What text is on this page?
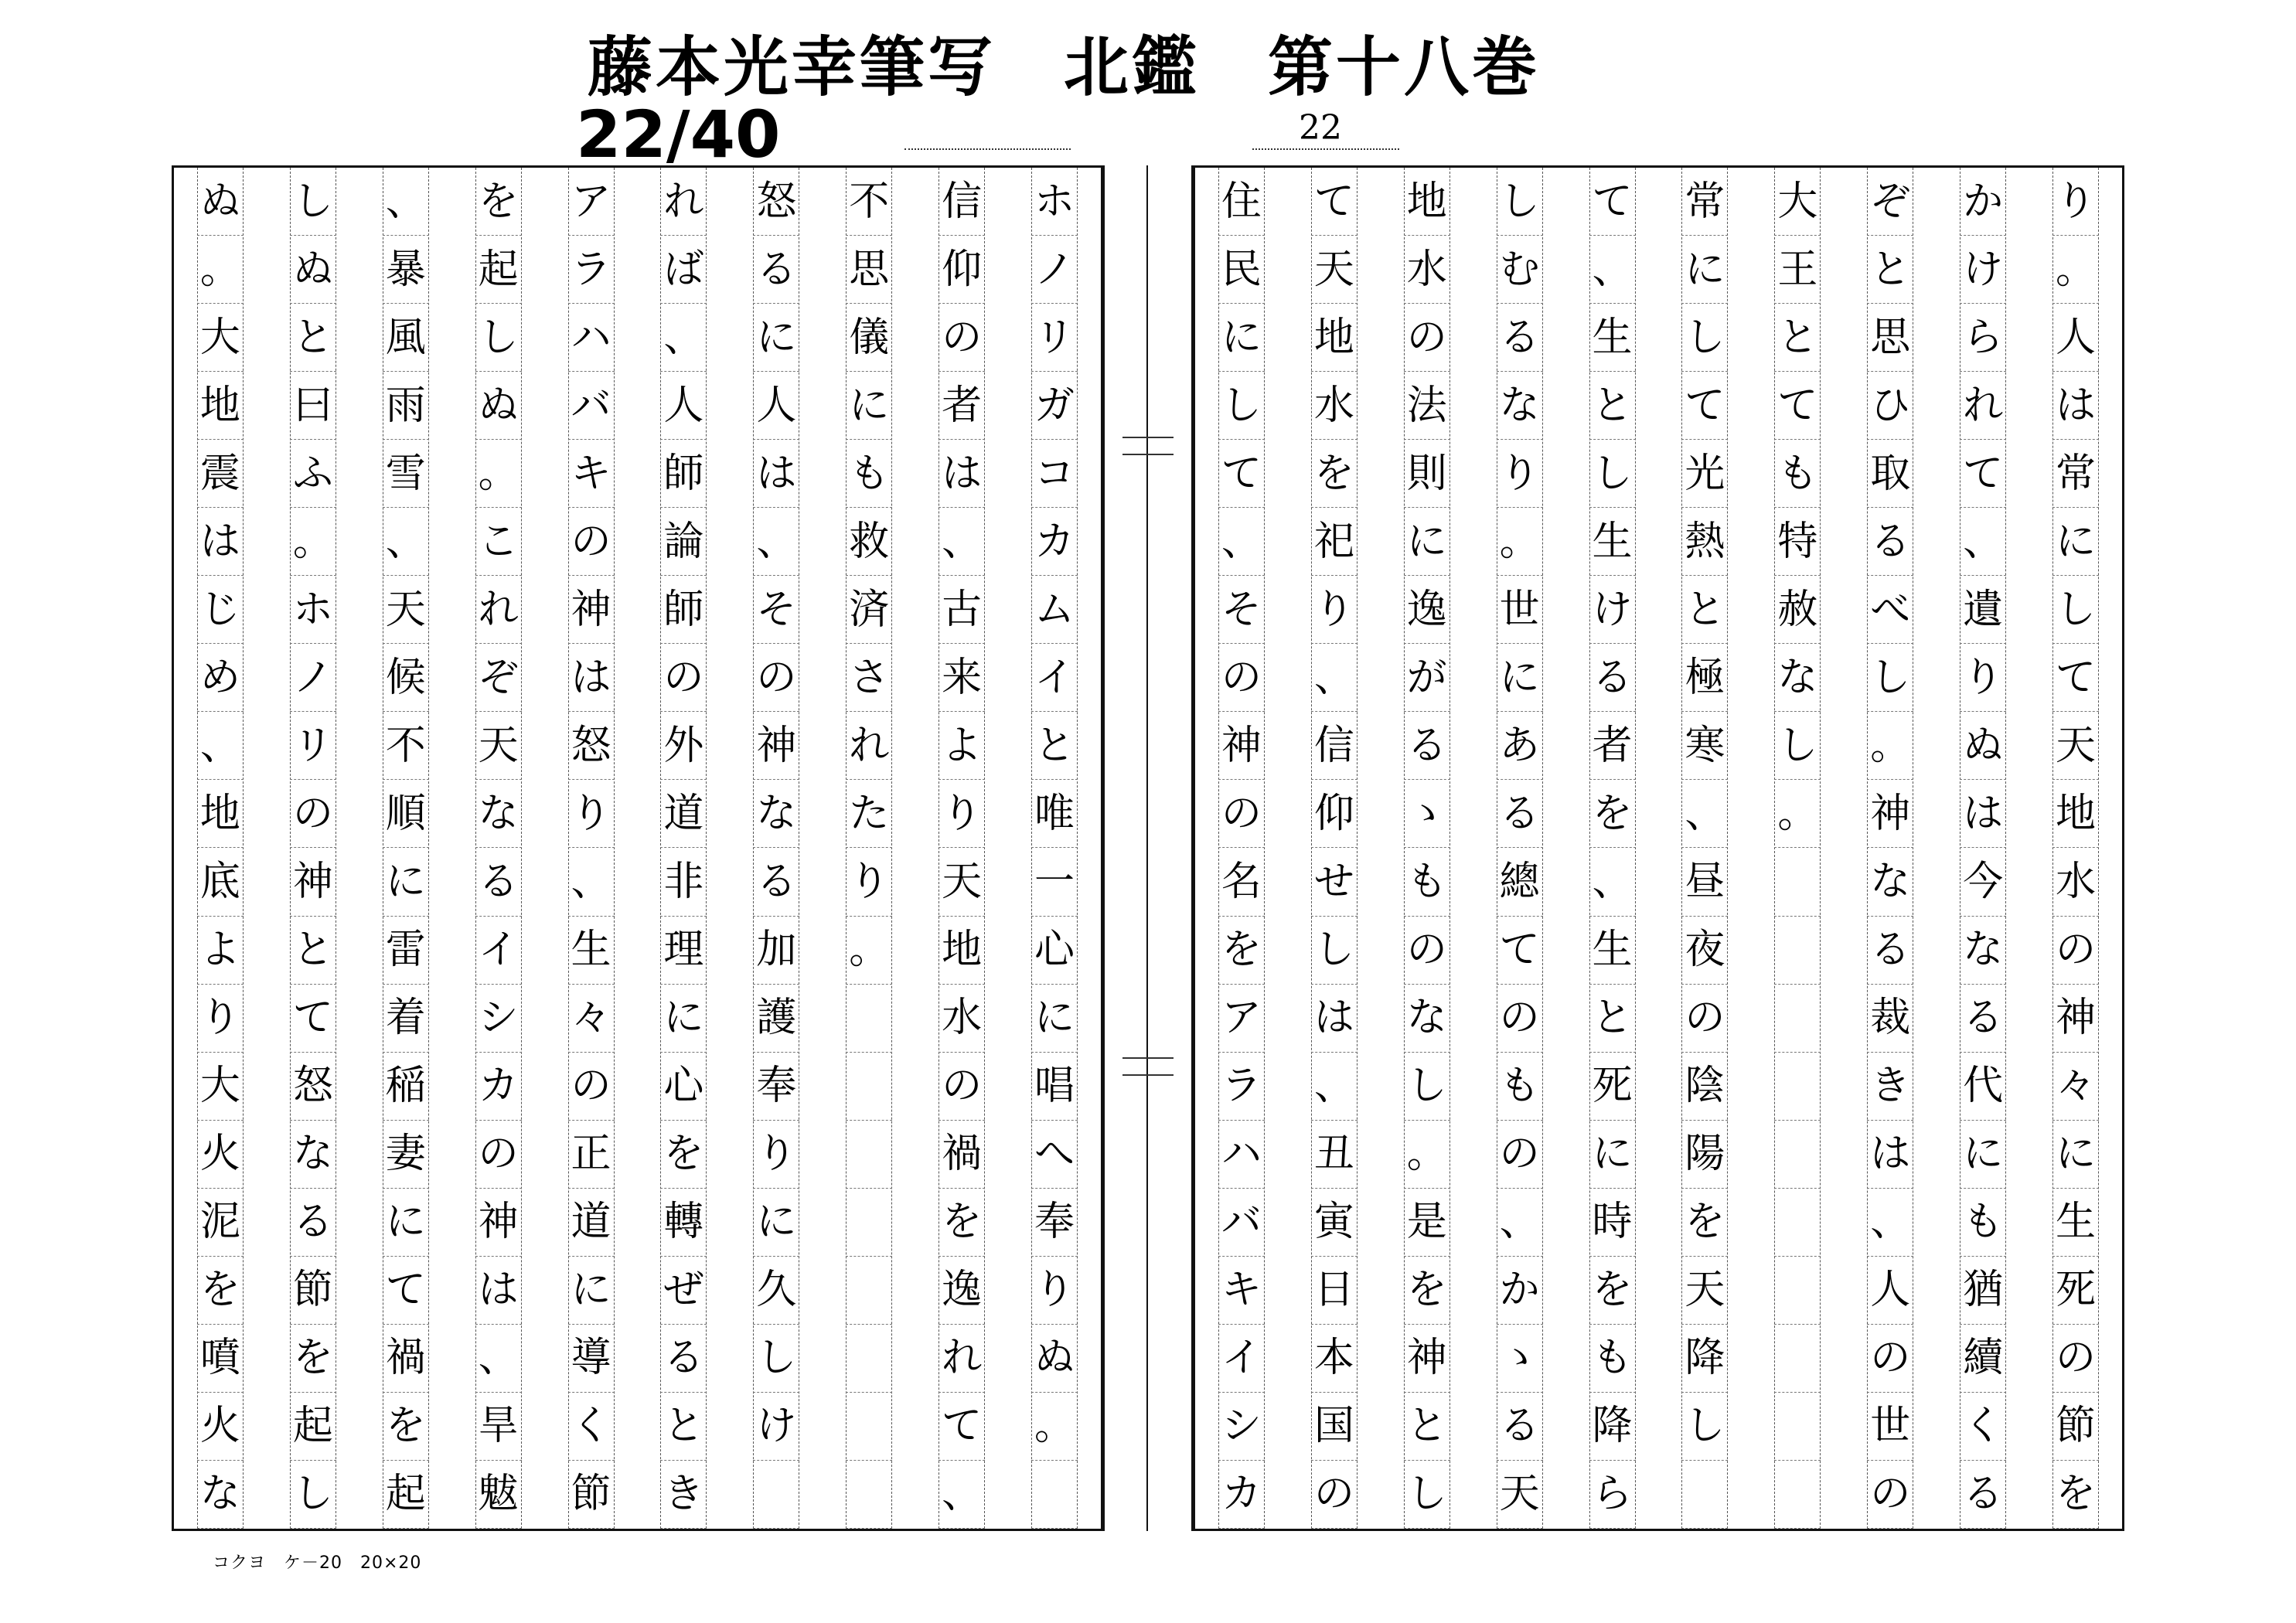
藤本光幸筆写　北鑑　第十八巻
22/40	22
ホ
ノ
リ
ガ
コ
カ
ム
イ
と
唯
一
心
に
唱
へ
奉
り
ぬ
。
信
仰
の
者
は
、
古
来
よ
り
天
地
水
の
禍
を
逸
れ
て
、
不
思
儀
に
も
救
済
さ
れ
た
り
。
怒
る
に
人
は
、
そ
の
神
な
る
加
護
奉
り
に
久
し
け
れ
ば
、
人
師
論
師
の
外
道
非
理
に
心
を
轉
ぜ
る
と
き
ア
ラ
ハ
バ
キ
の
神
は
怒
り
、
生
々
の
正
道
に
導
く
節
を
起
し
ぬ
。
こ
れ
ぞ
天
な
る
イ
シ
カ
の
神
は
、
旱
魃
、
暴
風
雨
雪
、
天
候
不
順
に
雷
着
稲
妻
に
て
禍
を
起
し
ぬ
と
曰
ふ
。
ホ
ノ
リ
の
神
と
て
怒
な
る
節
を
起
し
ぬ
。
大
地
震
は
じ
め
、
地
底
よ
り
大
火
泥
を
噴
火
な
り
。
人
は
常
に
し
て
天
地
水
の
神
々
に
生
死
の
節
を
か
け
ら
れ
て
、
遺
り
ぬ
は
今
な
る
代
に
も
猶
續
く
る
ぞ
と
思
ひ
取
る
べ
し
。
神
な
る
裁
き
は
、
人
の
世
の
大
王
と
て
も
特
赦
な
し
。
常
に
し
て
光
熱
と
極
寒
、
昼
夜
の
陰
陽
を
天
降
し
て
、
生
と
し
生
け
る
者
を
、
生
と
死
に
時
を
も
降
ら
し
む
る
な
り
。
世
に
あ
る
總
て
の
も
の
、
か
ゝ
る
天
地
水
の
法
則
に
逸
が
る
ゝ
も
の
な
し
。
是
を
神
と
し
て
天
地
水
を
祀
り
、
信
仰
せ
し
は
、
丑
寅
日
本
国
の
住
民
に
し
て
、
そ
の
神
の
名
を
ア
ラ
ハ
バ
キ
イ
シ
カ
コクヨ　ケ－20　20×20
